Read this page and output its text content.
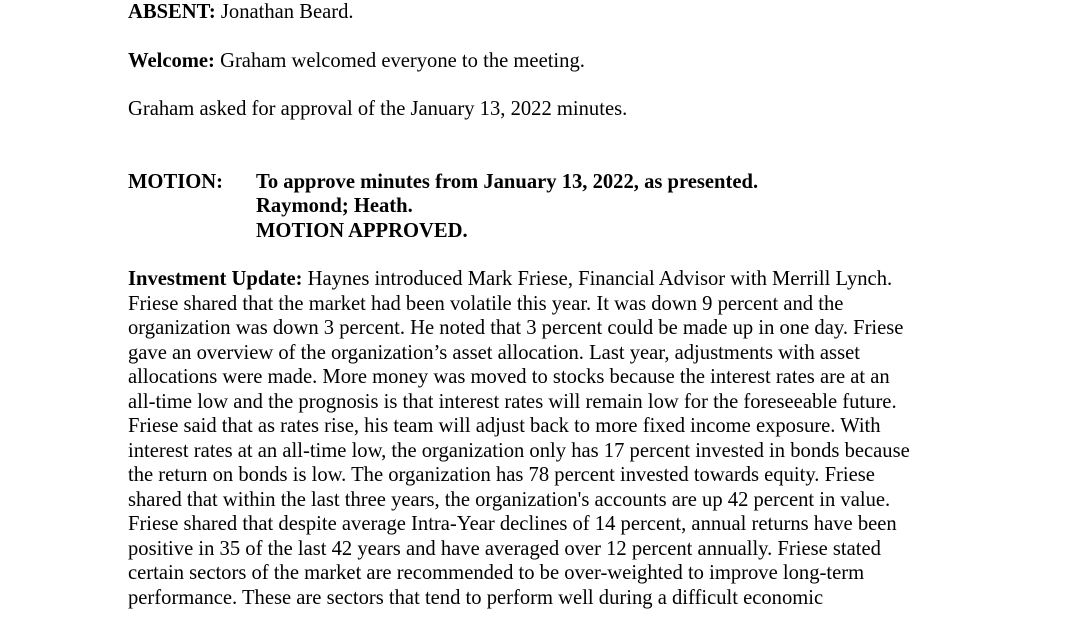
ABSENT: Jonathan Beard.

Welcome: Graham welcomed everyone to the meeting.

Graham asked for approval of the January 13, 2022 minutes.

MOTION:	To approve minutes from January 13, 2022, as presented.
Raymond; Heath.
MOTION APPROVED.
Investment Update: Haynes introduced Mark Friese, Financial Advisor with Merrill Lynch.
Friese shared that the market had been volatile this year. It was down 9 percent and the
organization was down 3 percent. He noted that 3 percent could be made up in one day. Friese
gave an overview of the organization’s asset allocation. Last year, adjustments with asset
allocations were made. More money was moved to stocks because the interest rates are at an
all-time low and the prognosis is that interest rates will remain low for the foreseeable future.
Friese said that as rates rise, his team will adjust back to more fixed income exposure. With
interest rates at an all-time low, the organization only has 17 percent invested in bonds because
the return on bonds is low. The organization has 78 percent invested towards equity. Friese
shared that within the last three years, the organization's accounts are up 42 percent in value.
Friese shared that despite average Intra-Year declines of 14 percent, annual returns have been
positive in 35 of the last 42 years and have averaged over 12 percent annually. Friese stated
certain sectors of the market are recommended to be over-weighted to improve long-term
performance. These are sectors that tend to perform well during a difficult economic
